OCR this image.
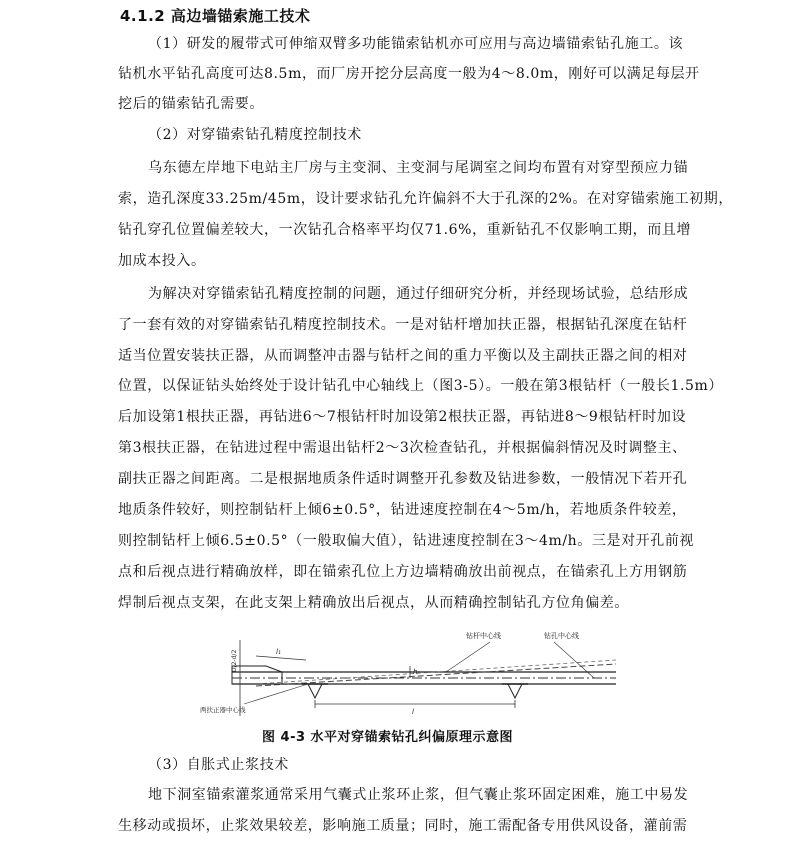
4.1.2 高边墙锚索施工技术
（1）研发的履带式可伸缩双臂多功能锚索钻机亦可应用与高边墙锚索钻孔施工。该
钻机水平钻孔高度可达8.5m，而厂房开挖分层高度一般为4～8.0m，刚好可以满足每层开
挖后的锚索钻孔需要。
（2）对穿锚索钻孔精度控制技术
乌东德左岸地下电站主厂房与主变洞、主变洞与尾调室之间均布置有对穿型预应力锚
索，造孔深度33.25m/45m，设计要求钻孔允许偏斜不大于孔深的2%。在对穿锚索施工初期，
钻孔穿孔位置偏差较大，一次钻孔合格率平均仅71.6%，重新钻孔不仅影响工期，而且增
加成本投入。
为解决对穿锚索钻孔精度控制的问题，通过仔细研究分析，并经现场试验，总结形成
了一套有效的对穿锚索钻孔精度控制技术。一是对钻杆增加扶正器，根据钻孔深度在钻杆
适当位置安装扶正器，从而调整冲击器与钻杆之间的重力平衡以及主副扶正器之间的相对
位置，以保证钻头始终处于设计钻孔中心轴线上（图3-5）。一般在第3根钻杆（一般长1.5m）
后加设第1根扶正器，再钻进6～7根钻杆时加设第2根扶正器，再钻进8～9根钻杆时加设
第3根扶正器，在钻进过程中需退出钻杆2～3次检查钻孔，并根据偏斜情况及时调整主、
副扶正器之间距离。二是根据地质条件适时调整开孔参数及钻进参数，一般情况下若开孔
地质条件较好，则控制钻杆上倾6±0.5°，钻进速度控制在4～5m/h，若地质条件较差，
则控制钻杆上倾6.5±0.5°（一般取偏大值），钻进速度控制在3～4m/h。三是对开孔前视
点和后视点进行精确放样，即在锚索孔位上方边墙精确放出前视点，在锚索孔上方用钢筋
焊制后视点支架，在此支架上精确放出后视点，从而精确控制钻孔方位角偏差。
钻杆中心线	钻孔中心线
两扶正器中心线
D/2-d/2	h
l₁
l
图 4-3 水平对穿锚索钻孔纠偏原理示意图
（3）自胀式止浆技术
地下洞室锚索灌浆通常采用气囊式止浆环止浆，但气囊止浆环固定困难，施工中易发
生移动或损坏，止浆效果较差，影响施工质量；同时，施工需配备专用供风设备，灌前需
